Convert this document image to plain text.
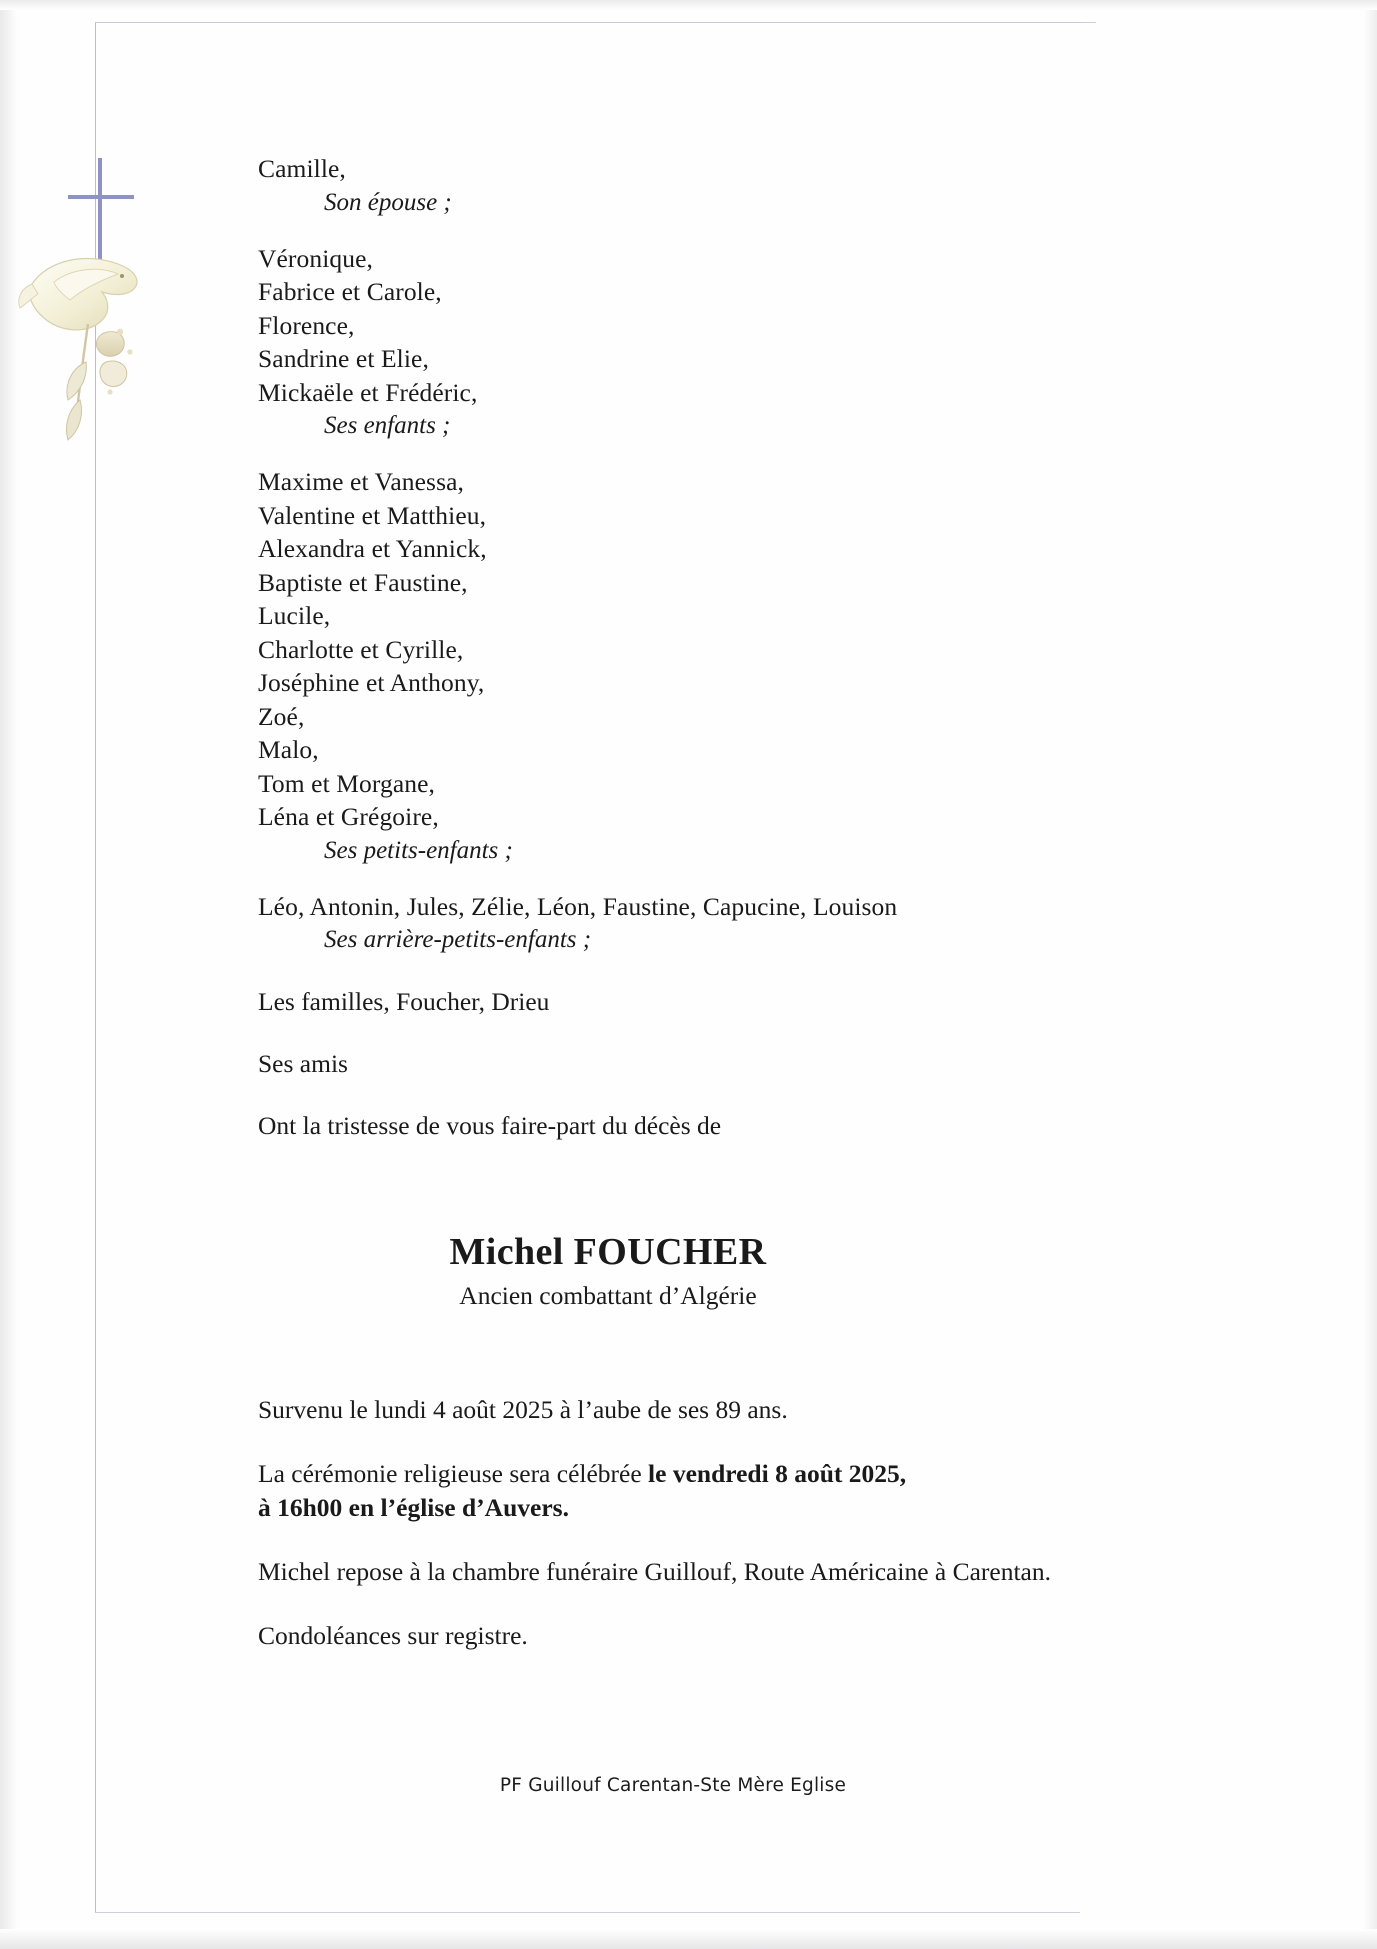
Camille,
Son épouse ;
Véronique,
Fabrice et Carole,
Florence,
Sandrine et Elie,
Mickaële et Frédéric,
Ses enfants ;
Maxime et Vanessa,
Valentine et Matthieu,
Alexandra et Yannick,
Baptiste et Faustine,
Lucile,
Charlotte et Cyrille,
Joséphine et Anthony,
Zoé,
Malo,
Tom et Morgane,
Léna et Grégoire,
Ses petits-enfants ;
Léo, Antonin, Jules, Zélie, Léon, Faustine, Capucine, Louison
Ses arrière-petits-enfants ;
Les familles, Foucher, Drieu
Ses amis
Ont la tristesse de vous faire-part du décès de
Michel FOUCHER
Ancien combattant d’Algérie
Survenu le lundi 4 août 2025 à l’aube de ses 89 ans.
La cérémonie religieuse sera célébrée le vendredi 8 août 2025,
à 16h00 en l’église d’Auvers.
Michel repose à la chambre funéraire Guillouf, Route Américaine à Carentan.
Condoléances sur registre.
PF Guillouf Carentan-Ste Mère Eglise
